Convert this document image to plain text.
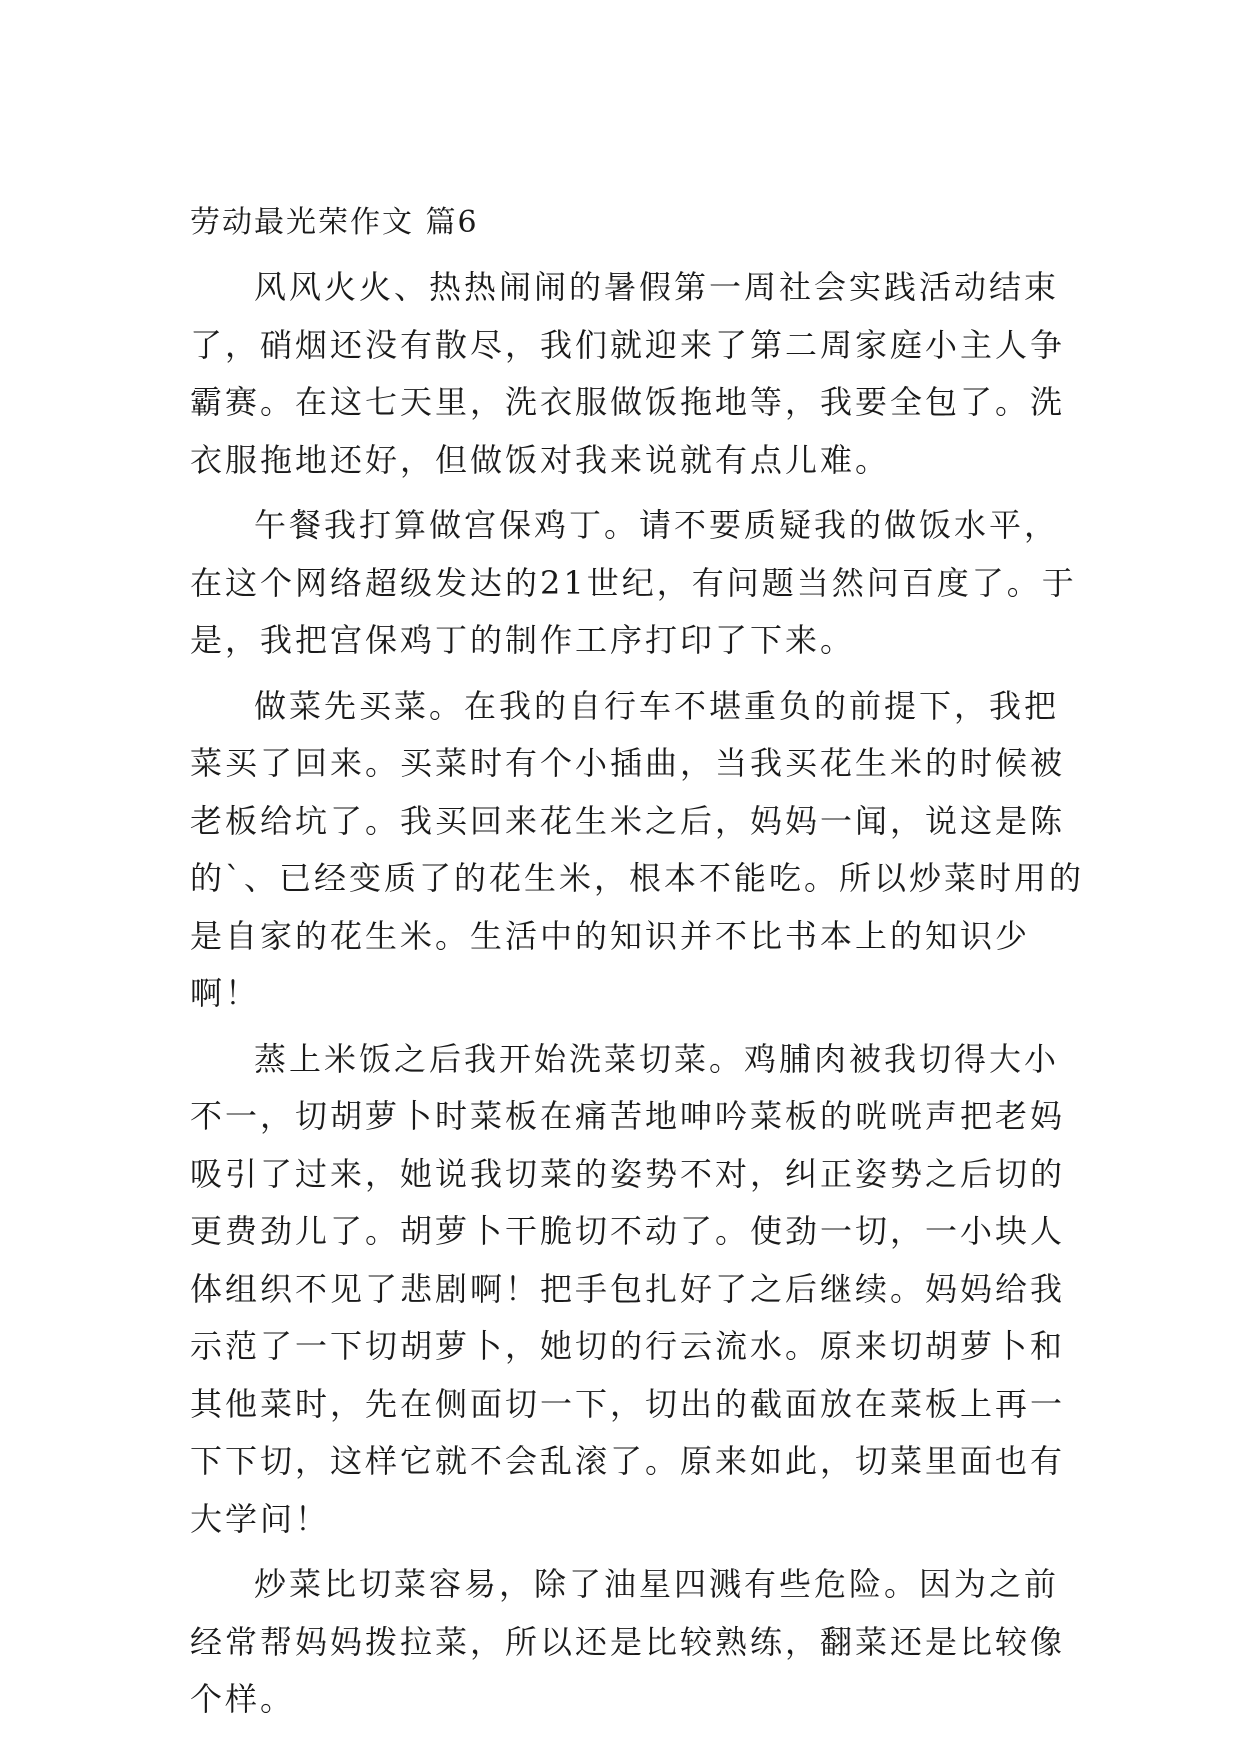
劳动最光荣作文 篇6

风风火火、热热闹闹的暑假第一周社会实践活动结束了，硝烟还没有散尽，我们就迎来了第二周家庭小主人争霸赛。在这七天里，洗衣服做饭拖地等，我要全包了。洗衣服拖地还好，但做饭对我来说就有点儿难。

午餐我打算做宫保鸡丁。请不要质疑我的做饭水平，在这个网络超级发达的21世纪，有问题当然问百度了。于是，我把宫保鸡丁的制作工序打印了下来。

做菜先买菜。在我的自行车不堪重负的前提下，我把菜买了回来。买菜时有个小插曲，当我买花生米的时候被老板给坑了。我买回来花生米之后，妈妈一闻，说这是陈的`、已经变质了的花生米，根本不能吃。所以炒菜时用的是自家的花生米。生活中的知识并不比书本上的知识少啊！

蒸上米饭之后我开始洗菜切菜。鸡脯肉被我切得大小不一，切胡萝卜时菜板在痛苦地呻吟菜板的咣咣声把老妈吸引了过来，她说我切菜的姿势不对，纠正姿势之后切的更费劲儿了。胡萝卜干脆切不动了。使劲一切，一小块人体组织不见了悲剧啊！把手包扎好了之后继续。妈妈给我示范了一下切胡萝卜，她切的行云流水。原来切胡萝卜和其他菜时，先在侧面切一下，切出的截面放在菜板上再一下下切，这样它就不会乱滚了。原来如此，切菜里面也有大学问！

炒菜比切菜容易，除了油星四溅有些危险。因为之前经常帮妈妈拨拉菜，所以还是比较熟练，翻菜还是比较像个样。
